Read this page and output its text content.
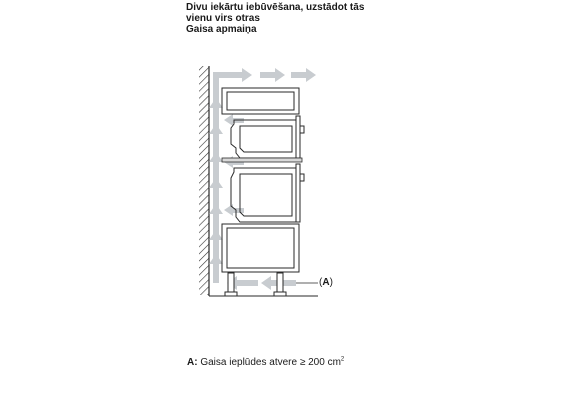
Divu iekārtu iebūvēšana, uzstādot tās
vienu virs otras
Gaisa apmaiņa
(A)
A: Gaisa ieplūdes atvere ≥ 200 $cm^2$
